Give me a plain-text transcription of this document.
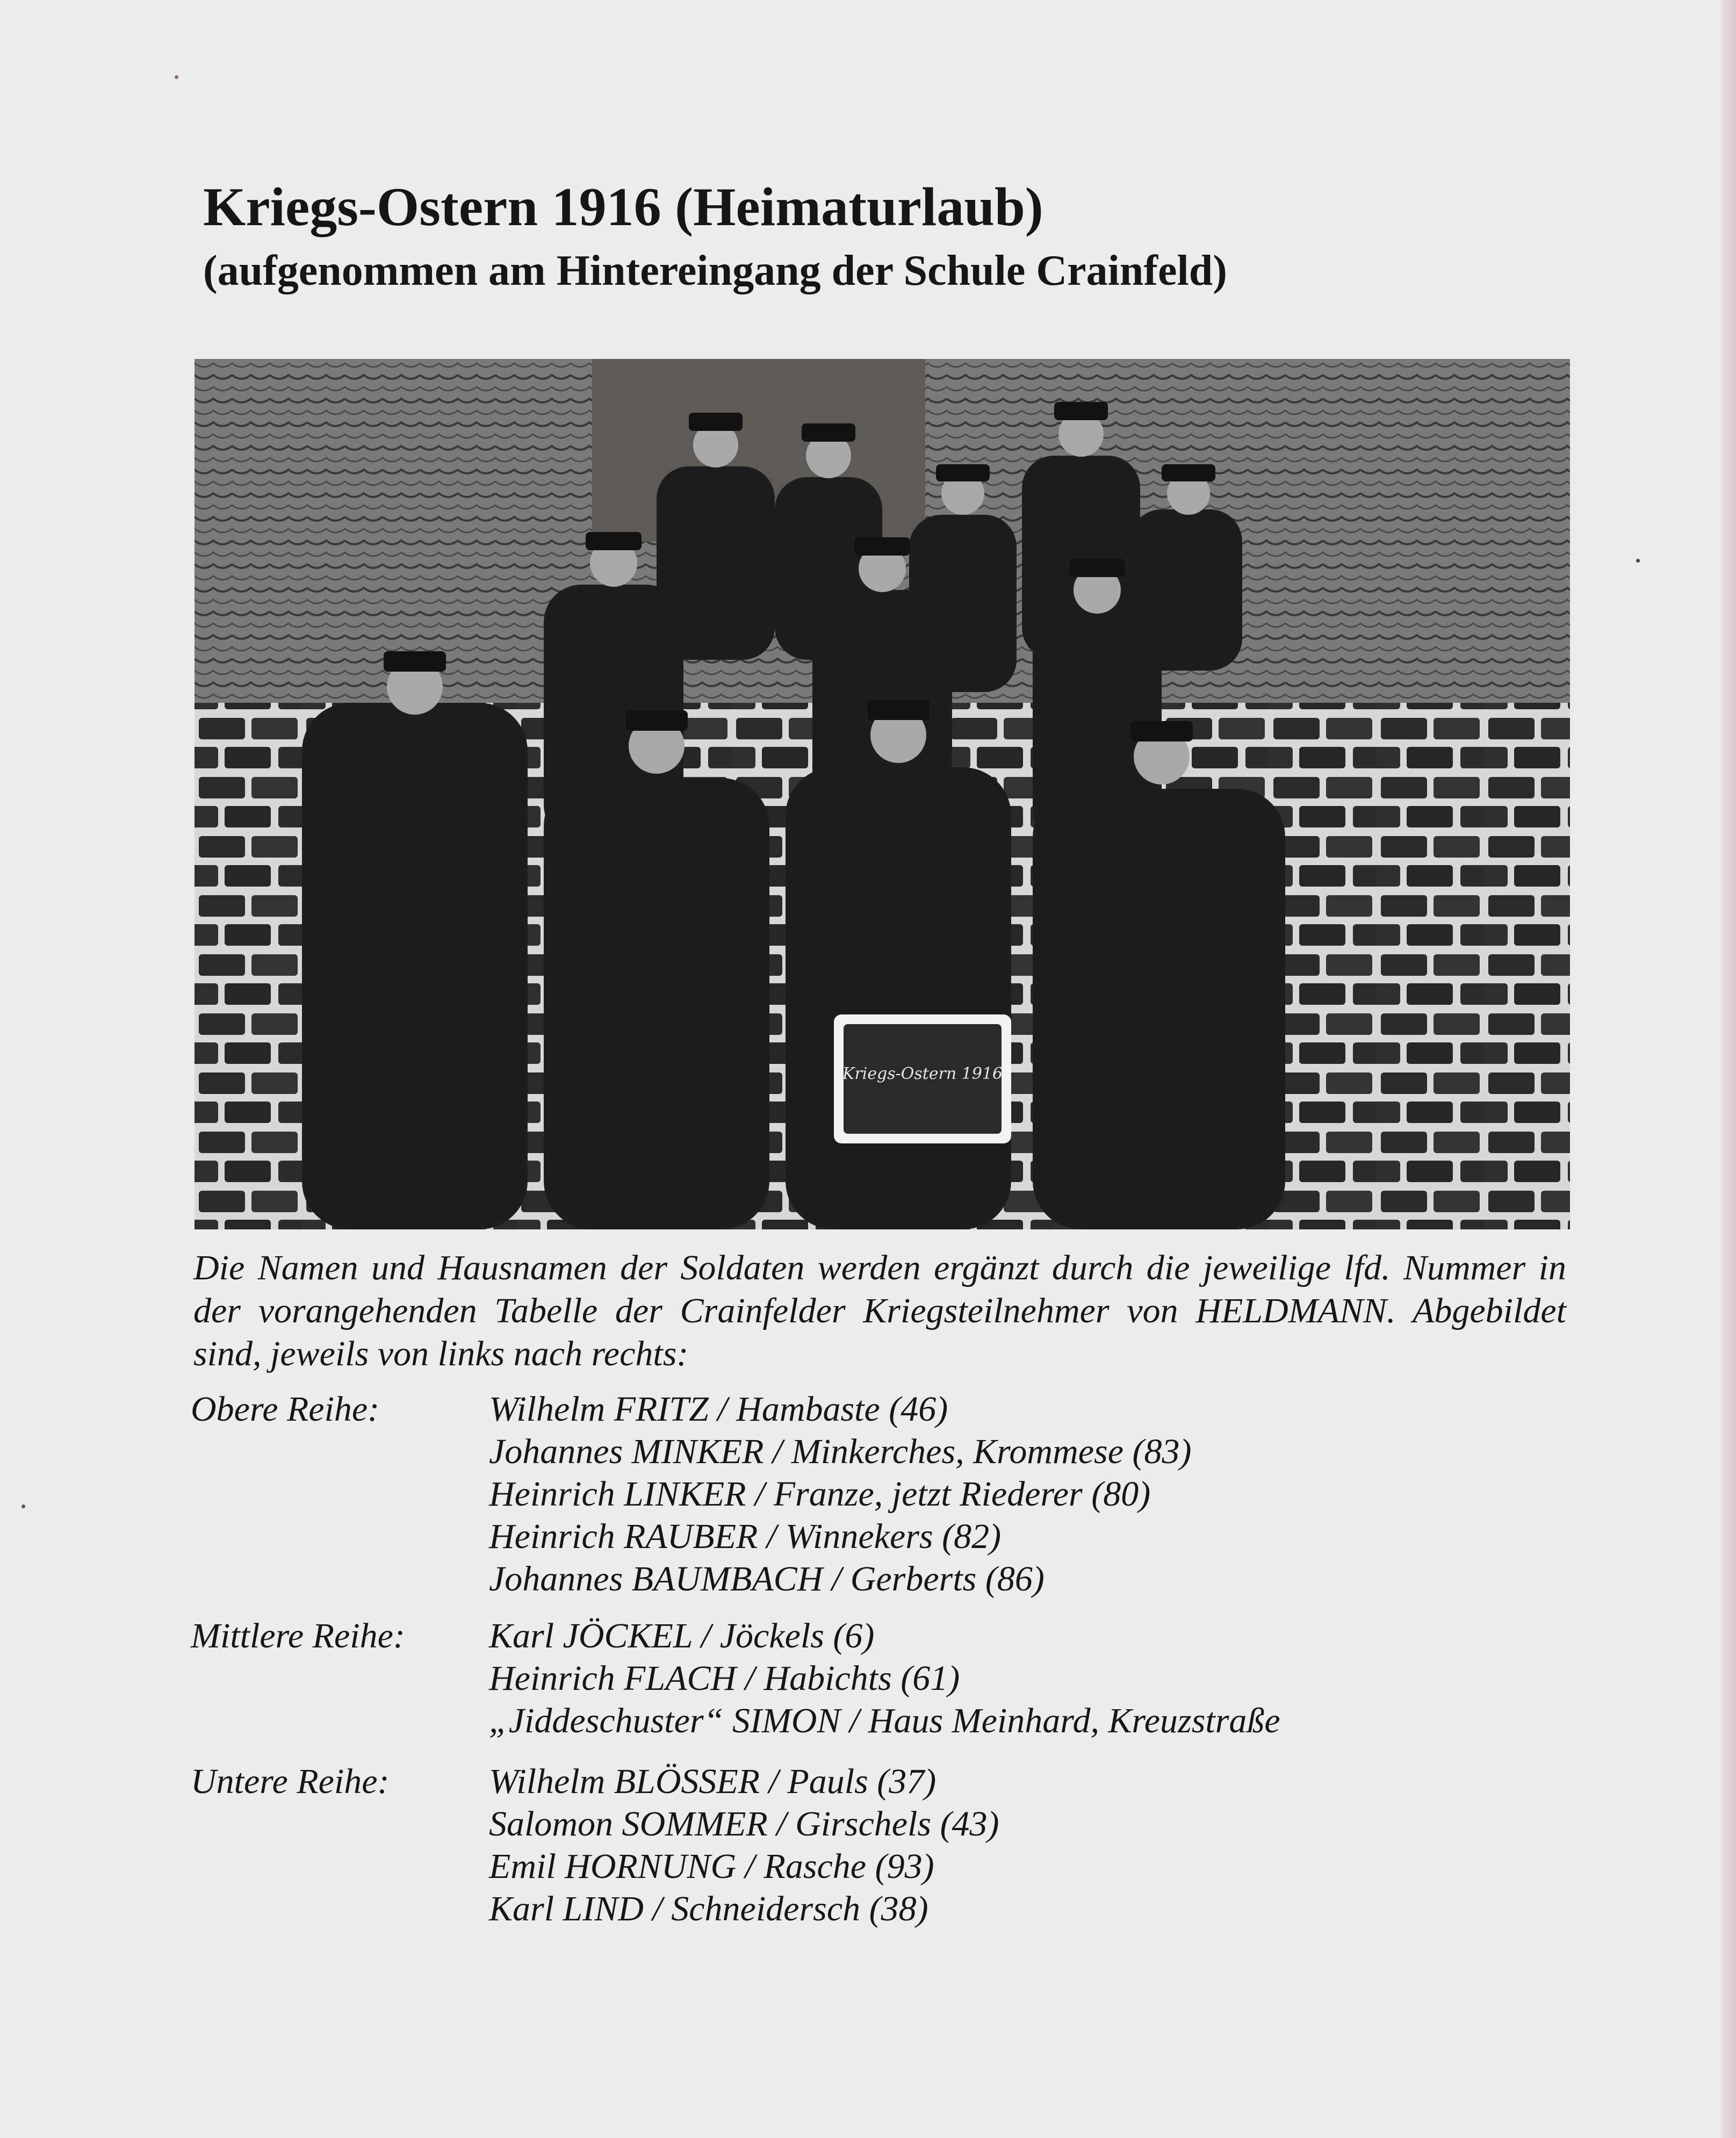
Kriegs-Ostern 1916 (Heimaturlaub)
(aufgenommen am Hintereingang der Schule Crainfeld)
Kriegs-Ostern 1916

Die Namen und Hausnamen der Soldaten werden ergänzt durch die jeweilige lfd. Nummer in der vorangehenden Tabelle der Crainfelder Kriegsteilnehmer von HELDMANN. Abgebildet sind, jeweils von links nach rechts:

Obere Reihe:	Wilhelm FRITZ / Hambaste (46)
Johannes MINKER / Minkerches, Krommese (83)
Heinrich LINKER / Franze, jetzt Riederer (80)
Heinrich RAUBER / Winnekers (82)
Johannes BAUMBACH / Gerberts (86)
Mittlere Reihe: Karl JÖCKEL / Jöckels (6)
Heinrich FLACH / Habichts (61)
„Jiddeschuster“ SIMON / Haus Meinhard, Kreuzstraße
Untere Reihe:	Wilhelm BLÖSSER / Pauls (37)
Salomon SOMMER / Girschels (43)
Emil HORNUNG / Rasche (93)
Karl LIND / Schneidersch (38)
